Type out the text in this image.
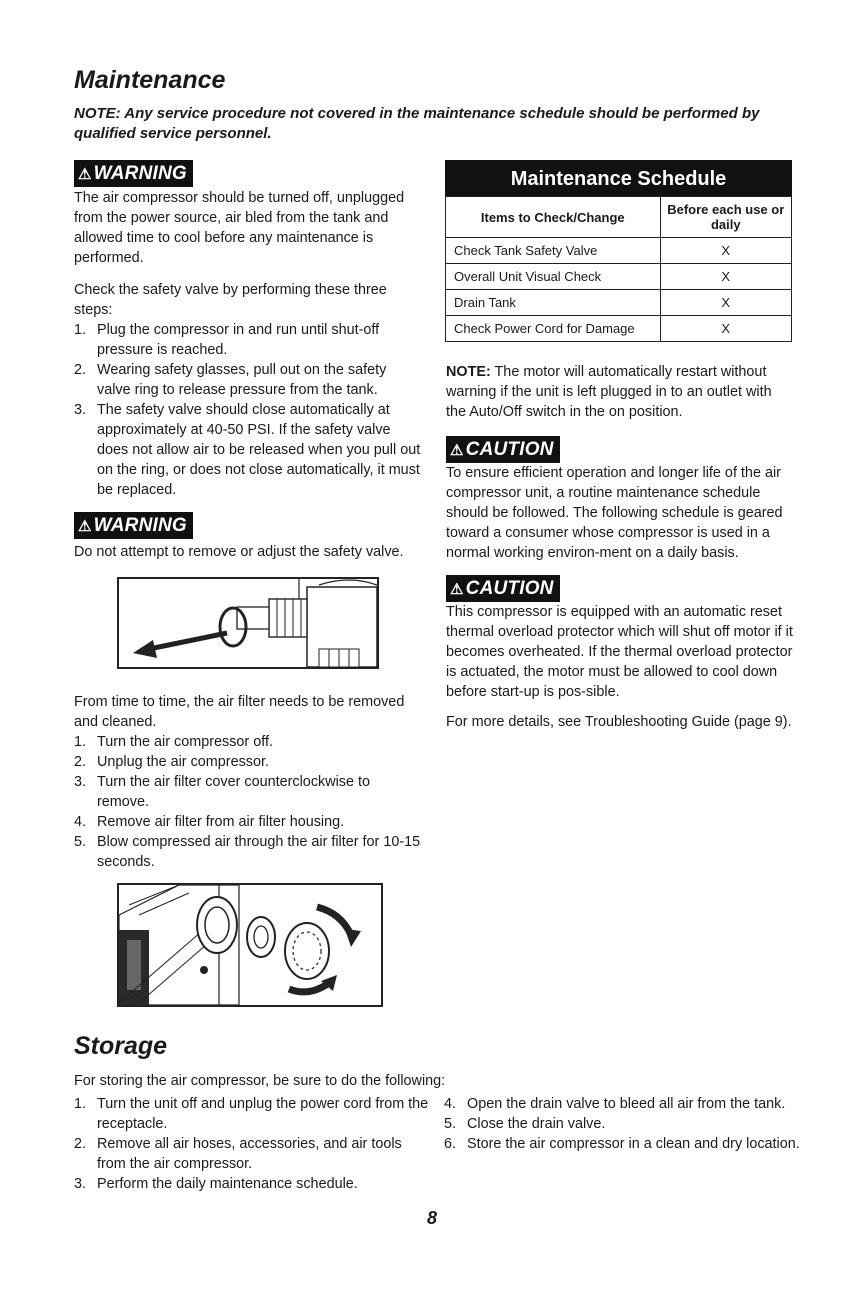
Maintenance
NOTE: Any service procedure not covered in the maintenance schedule should be performed by qualified service personnel.
⚠ WARNING
The air compressor should be turned off, unplugged from the power source, air bled from the tank and allowed time to cool before any maintenance is performed.
Check the safety valve by performing these three steps:
1. Plug the compressor in and run until shut-off pressure is reached.
2. Wearing safety glasses, pull out on the safety valve ring to release pressure from the tank.
3. The safety valve should close automatically at approximately at 40-50 PSI. If the safety valve does not allow air to be released when you pull out on the ring, or does not close automatically, it must be replaced.
⚠ WARNING
Do not attempt to remove or adjust the safety valve.
From time to time, the air filter needs to be removed and cleaned.
1. Turn the air compressor off.
2. Unplug the air compressor.
3. Turn the air filter cover counterclockwise to remove.
4. Remove air filter from air filter housing.
5. Blow compressed air through the air filter for 10-15 seconds.
Maintenance Schedule
Items to Check/Change	Before each use or daily
Check Tank Safety Valve	X
Overall Unit Visual Check	X
Drain Tank	X
Check Power Cord for Damage	X
NOTE: The motor will automatically restart without warning if the unit is left plugged in to an outlet with the Auto/Off switch in the on position.
⚠ CAUTION
To ensure efficient operation and longer life of the air compressor unit, a routine maintenance schedule should be followed. The following schedule is geared toward a consumer whose compressor is used in a normal working environ-ment on a daily basis.
⚠ CAUTION
This compressor is equipped with an automatic reset thermal overload protector which will shut off motor if it becomes overheated. If the thermal overload protector is actuated, the motor must be allowed to cool down before start-up is pos-sible.
For more details, see Troubleshooting Guide (page 9).
Storage
For storing the air compressor, be sure to do the following:
1. Turn the unit off and unplug the power cord from the receptacle.
2. Remove all air hoses, accessories, and air tools from the air compressor.
3. Perform the daily maintenance schedule.
4. Open the drain valve to bleed all air from the tank.
5. Close the drain valve.
6. Store the air compressor in a clean and dry location.
8
